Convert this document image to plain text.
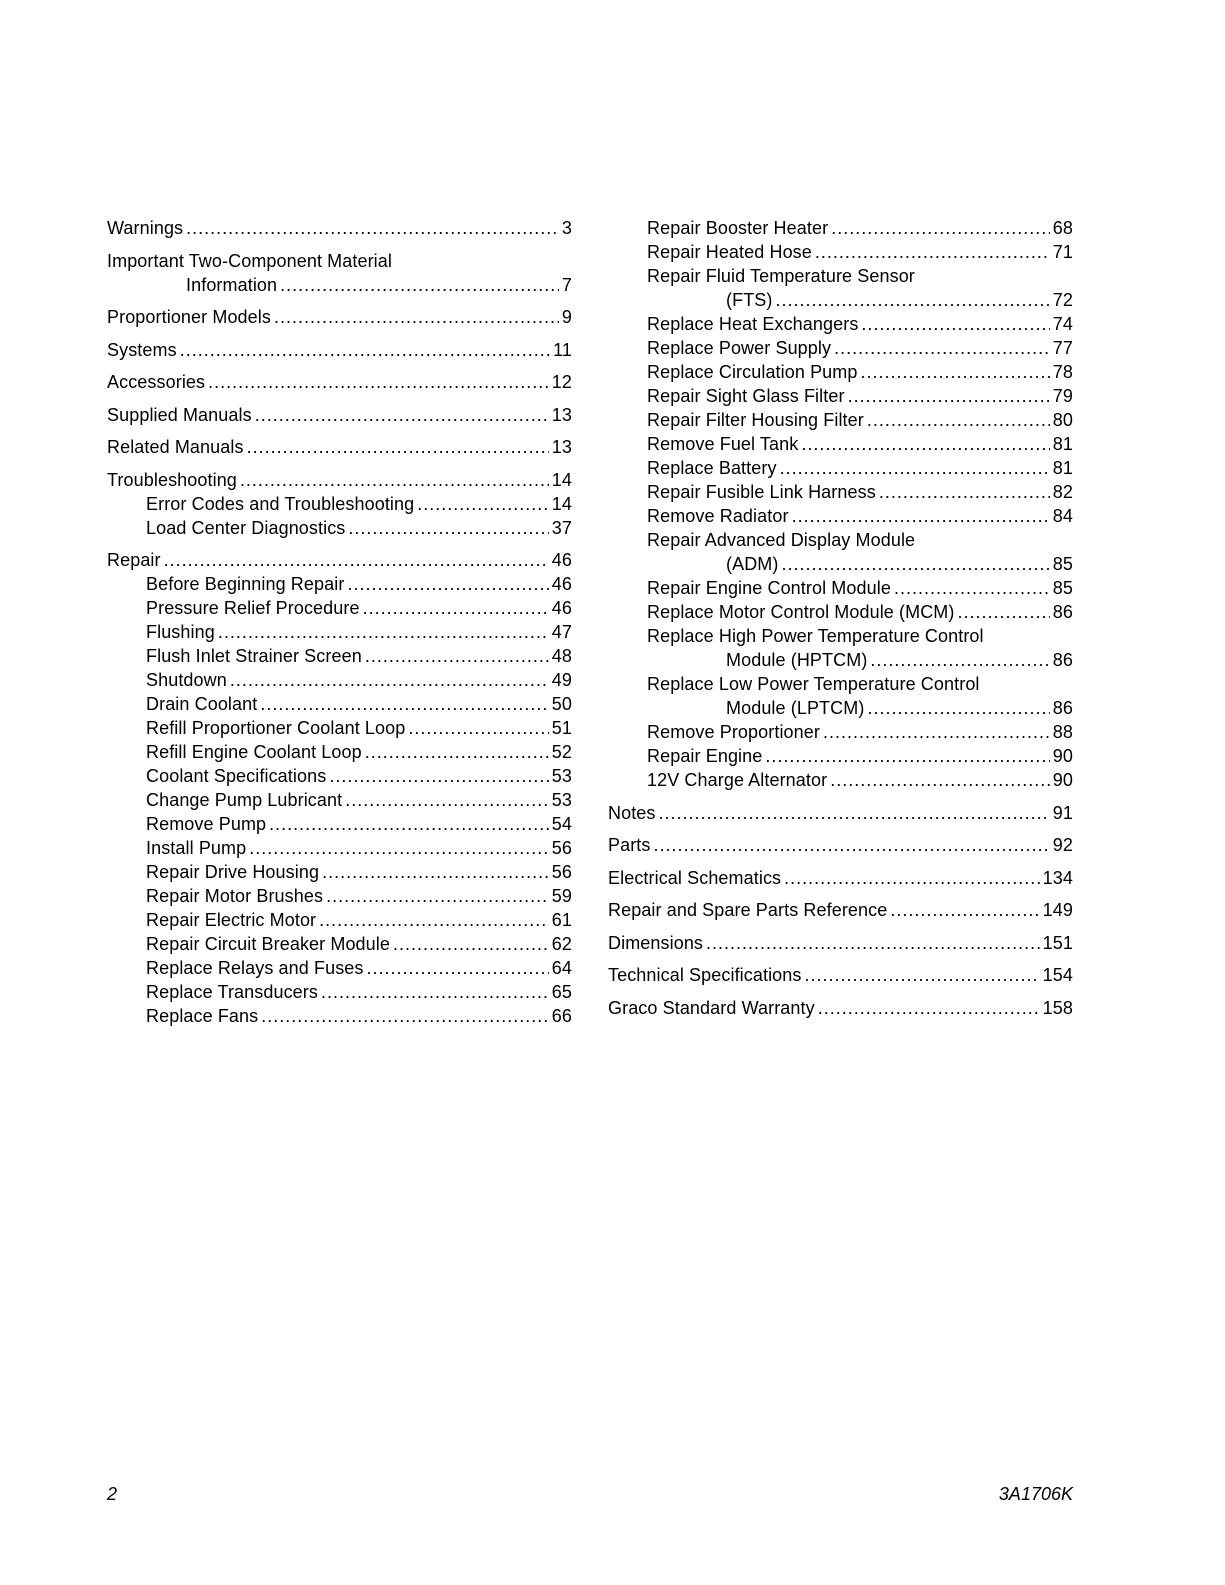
Warnings .....	3
Important Two-Component Material
Information .....	7
Proportioner Models .....	9
Systems .....	11
Accessories .....	12
Supplied Manuals .....	13
Related Manuals .....	13
Troubleshooting .....	14
Error Codes and Troubleshooting .....	14
Load Center Diagnostics .....	37
Repair .....	46
Before Beginning Repair .....	46
Pressure Relief Procedure .....	46
Flushing .....	47
Flush Inlet Strainer Screen .....	48
Shutdown .....	49
Drain Coolant .....	50
Refill Proportioner Coolant Loop .....	51
Refill Engine Coolant Loop .....	52
Coolant Specifications .....	53
Change Pump Lubricant .....	53
Remove Pump .....	54
Install Pump .....	56
Repair Drive Housing .....	56
Repair Motor Brushes .....	59
Repair Electric Motor .....	61
Repair Circuit Breaker Module .....	62
Replace Relays and Fuses .....	64
Replace Transducers .....	65
Replace Fans .....	66
Repair Booster Heater .....	68
Repair Heated Hose .....	71
Repair Fluid Temperature Sensor
(FTS) .....	72
Replace Heat Exchangers .....	74
Replace Power Supply .....	77
Replace Circulation Pump .....	78
Repair Sight Glass Filter .....	79
Repair Filter Housing Filter .....	80
Remove Fuel Tank .....	81
Replace Battery .....	81
Repair Fusible Link Harness .....	82
Remove Radiator .....	84
Repair Advanced Display Module
(ADM) .....	85
Repair Engine Control Module .....	85
Replace Motor Control Module (MCM) .....	86
Replace High Power Temperature Control
Module (HPTCM) .....	86
Replace Low Power Temperature Control
Module (LPTCM) .....	86
Remove Proportioner .....	88
Repair Engine .....	90
12V Charge Alternator .....	90
Notes .....	91
Parts .....	92
Electrical Schematics .....	134
Repair and Spare Parts Reference .....	149
Dimensions .....	151
Technical Specifications .....	154
Graco Standard Warranty .....	158
2	3A1706K
